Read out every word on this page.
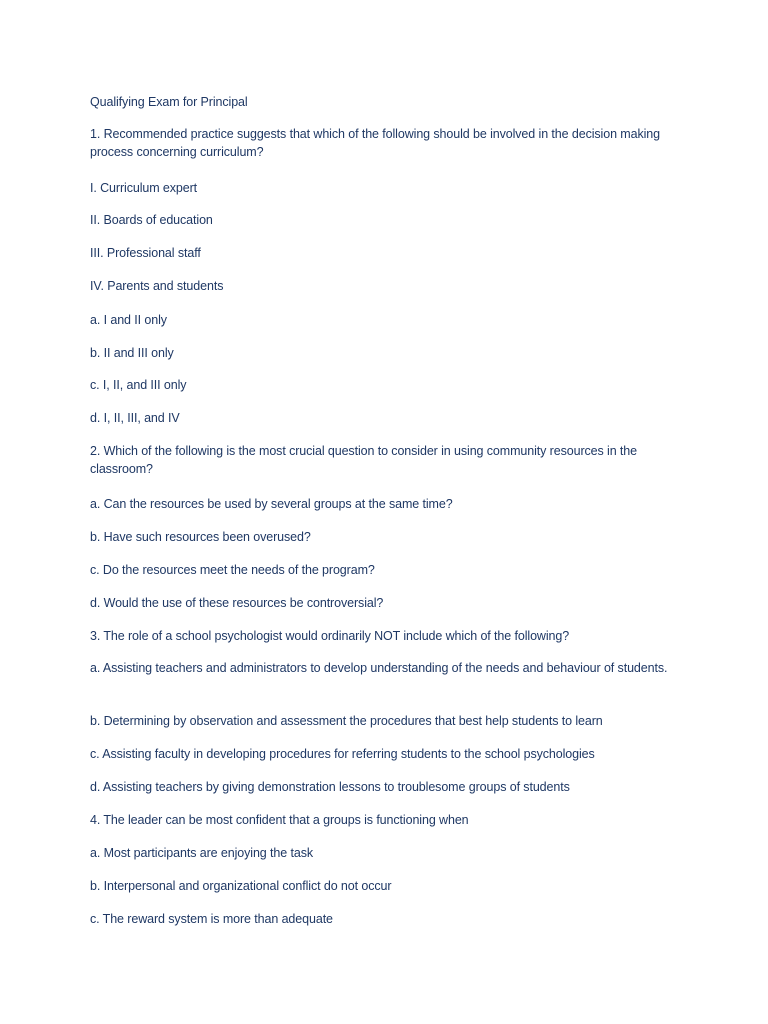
Qualifying Exam for Principal
1. Recommended practice suggests that which of the following should be involved in the decision making process concerning curriculum?
I. Curriculum expert
II. Boards of education
III. Professional staff
IV. Parents and students
a. I and II only
b. II and III only
c. I, II, and III only
d. I, II, III, and IV
2. Which of the following is the most crucial question to consider in using community resources in the classroom?
a. Can the resources be used by several groups at the same time?
b. Have such resources been overused?
c. Do the resources meet the needs of the program?
d. Would the use of these resources be controversial?
3. The role of a school psychologist would ordinarily NOT include which of the following?
a. Assisting teachers and administrators to develop understanding of the needs and behaviour of students.
b. Determining by observation and assessment the procedures that best help students to learn
c. Assisting faculty in developing procedures for referring students to the school psychologies
d. Assisting teachers by giving demonstration lessons to troublesome groups of students
4. The leader can be most confident that a groups is functioning when
a. Most participants are enjoying the task
b. Interpersonal and organizational conflict do not occur
c. The reward system is more than adequate
